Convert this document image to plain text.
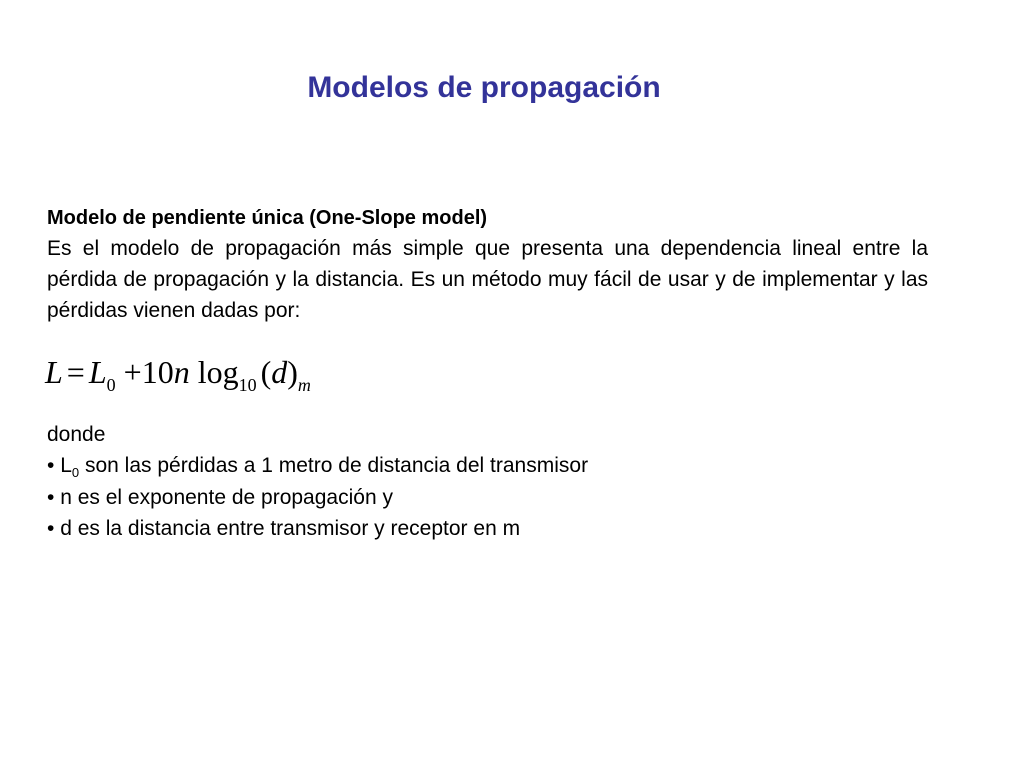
Modelos de propagación
Modelo de pendiente única (One-Slope model)
Es el modelo de propagación más simple que presenta una dependencia lineal entre la pérdida de propagación y la distancia. Es un método muy fácil de usar y de implementar y las pérdidas vienen dadas por:
$L = L_0 +10n$ $\log_{10} (d)_m$
donde
• $L_0$ son las pérdidas a 1 metro de distancia del transmisor
• n es el exponente de propagación y
• d es la distancia entre transmisor y receptor en m
